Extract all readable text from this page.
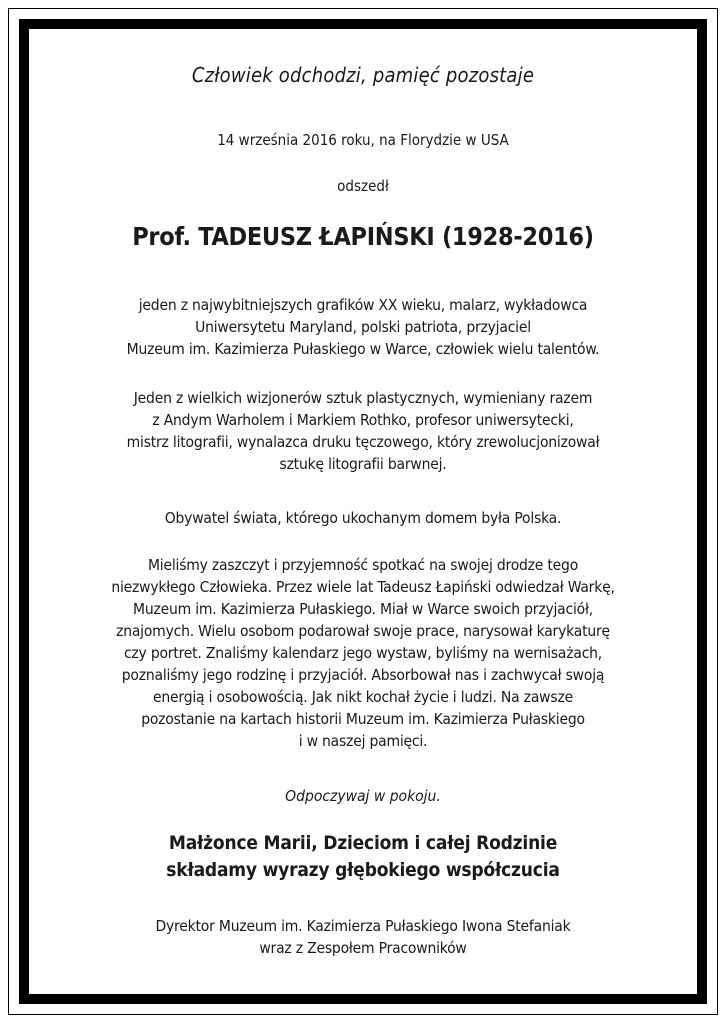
Człowiek odchodzi, pamięć pozostaje
14 września 2016 roku, na Florydzie w USA
odszedł
Prof. TADEUSZ ŁAPIŃSKI (1928-2016)
jeden z najwybitniejszych grafików XX wieku, malarz, wykładowca
Uniwersytetu Maryland, polski patriota, przyjaciel
Muzeum im. Kazimierza Pułaskiego w Warce, człowiek wielu talentów.
Jeden z wielkich wizjonerów sztuk plastycznych, wymieniany razem
z Andym Warholem i Markiem Rothko, profesor uniwersytecki,
mistrz litografii, wynalazca druku tęczowego, który zrewolucjonizował
sztukę litografii barwnej.
Obywatel świata, którego ukochanym domem była Polska.
Mieliśmy zaszczyt i przyjemność spotkać na swojej drodze tego
niezwykłego Człowieka. Przez wiele lat Tadeusz Łapiński odwiedzał Warkę,
Muzeum im. Kazimierza Pułaskiego. Miał w Warce swoich przyjaciół,
znajomych. Wielu osobom podarował swoje prace, narysował karykaturę
czy portret. Znaliśmy kalendarz jego wystaw, byliśmy na wernisażach,
poznaliśmy jego rodzinę i przyjaciół. Absorbował nas i zachwycał swoją
energią i osobowością. Jak nikt kochał życie i ludzi. Na zawsze
pozostanie na kartach historii Muzeum im. Kazimierza Pułaskiego
i w naszej pamięci.
Odpoczywaj w pokoju.
Małżonce Marii, Dzieciom i całej Rodzinie
składamy wyrazy głębokiego współczucia
Dyrektor Muzeum im. Kazimierza Pułaskiego Iwona Stefaniak
wraz z Zespołem Pracowników
